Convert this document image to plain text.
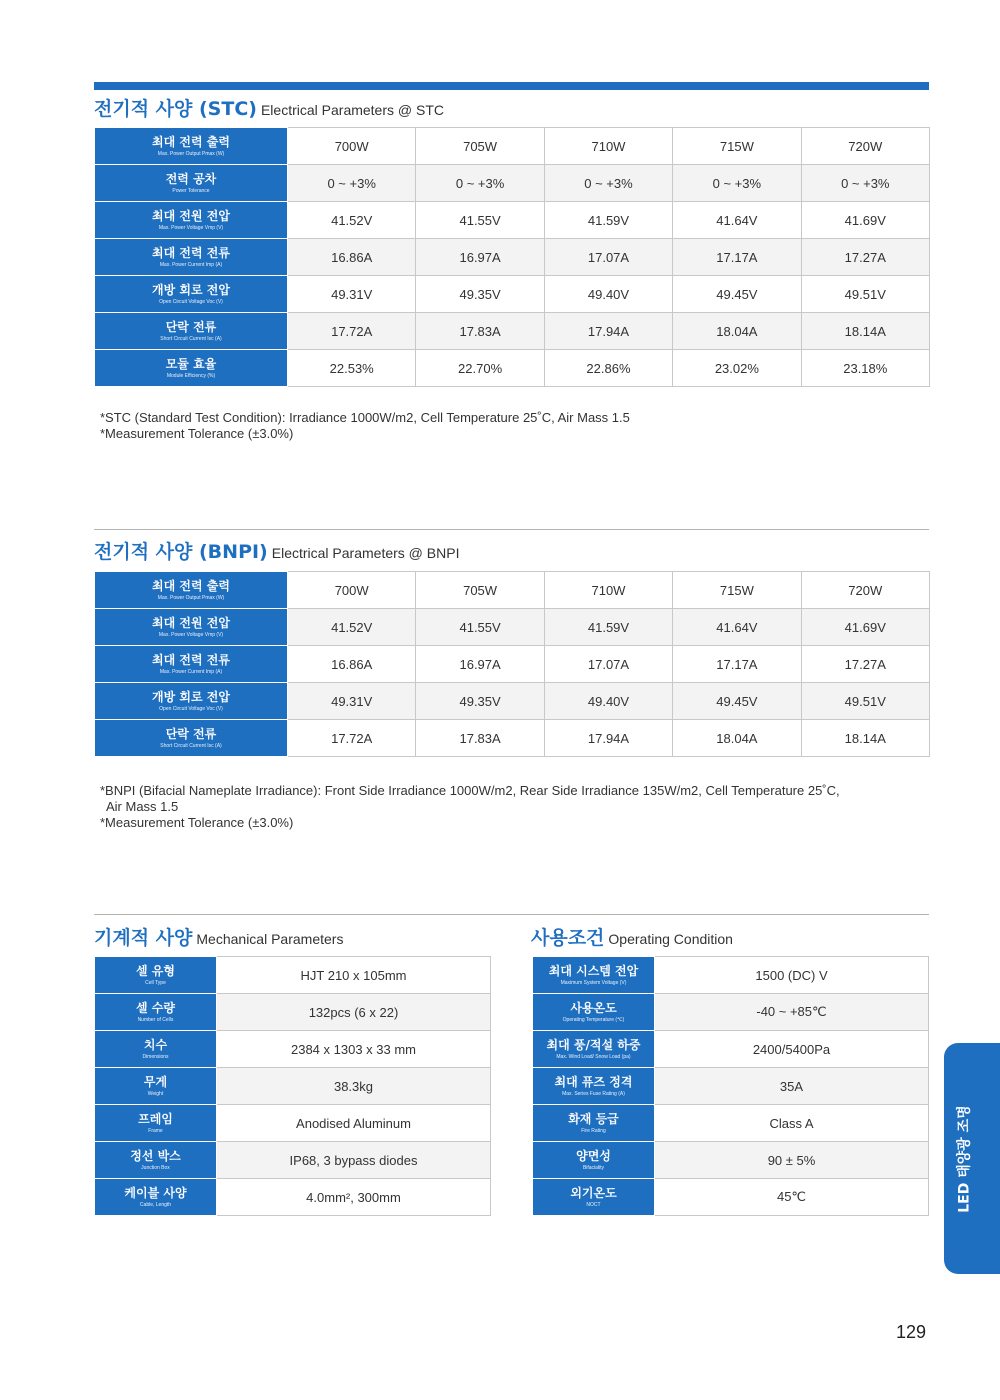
전기적 사양 (STC) Electrical Parameters @ STC
최대 전력 출력
Max. Power Output Pmax (W)	700W	705W	710W	715W	720W

전력 공차
Power Tolerance	0 ~ +3%	0 ~ +3%	0 ~ +3%	0 ~ +3%	0 ~ +3%

최대 전원 전압
Max. Power Voltage Vmp (V)	41.52V	41.55V	41.59V	41.64V	41.69V

최대 전력 전류
Max. Power Current Imp (A)	16.86A	16.97A	17.07A	17.17A	17.27A

개방 회로 전압
Open Circuit Voltage Voc (V)	49.31V	49.35V	49.40V	49.45V	49.51V

단락 전류
Short Circuit Current Isc (A)	17.72A	17.83A	17.94A	18.04A	18.14A

모듈 효율
Module Efficiency (%)	22.53%	22.70%	22.86%	23.02%	23.18%
*STC (Standard Test Condition): Irradiance 1000W/m2, Cell Temperature 25˚C, Air Mass 1.5
*Measurement Tolerance (±3.0%)
전기적 사양 (BNPI) Electrical Parameters @ BNPI
최대 전력 출력
Max. Power Output Pmax (W)	700W	705W	710W	715W	720W

최대 전원 전압
Max. Power Voltage Vmp (V)	41.52V	41.55V	41.59V	41.64V	41.69V

최대 전력 전류
Max. Power Current Imp (A)	16.86A	16.97A	17.07A	17.17A	17.27A

개방 회로 전압
Open Circuit Voltage Voc (V)	49.31V	49.35V	49.40V	49.45V	49.51V

단락 전류
Short Circuit Current Isc (A)	17.72A	17.83A	17.94A	18.04A	18.14A
*BNPI (Bifacial Nameplate Irradiance): Front Side Irradiance 1000W/m2, Rear Side Irradiance 135W/m2, Cell Temperature 25˚C,
Air Mass 1.5
*Measurement Tolerance (±3.0%)
기계적 사양 Mechanical Parameters
셀 유형
Cell Type	HJT 210 x 105mm

셀 수량
Number of Cells	132pcs (6 x 22)

치수
Dimensions	2384 x 1303 x 33 mm

무게
Weight	38.3kg

프레임
Frame	Anodised Aluminum

정선 박스
Junction Box	IP68, 3 bypass diodes

케이블 사양
Cable, Length	4.0mm², 300mm
사용조건 Operating Condition
최대 시스템 전압
Maximum System Voltage (V)	1500 (DC) V

사용온도
Operating Temperature (℃)	-40 ~ +85℃

최대 풍/적설 하중
Max. Wind Load/ Snow Load (pa)	2400/5400Pa

최대 퓨즈 정격
Max. Series Fuse Rating (A)	35A

화재 등급
Fire Rating	Class A

양면성
Bifaciality	90 ± 5%

외기온도
NOCT	45℃	LED 태양광 조명
129
